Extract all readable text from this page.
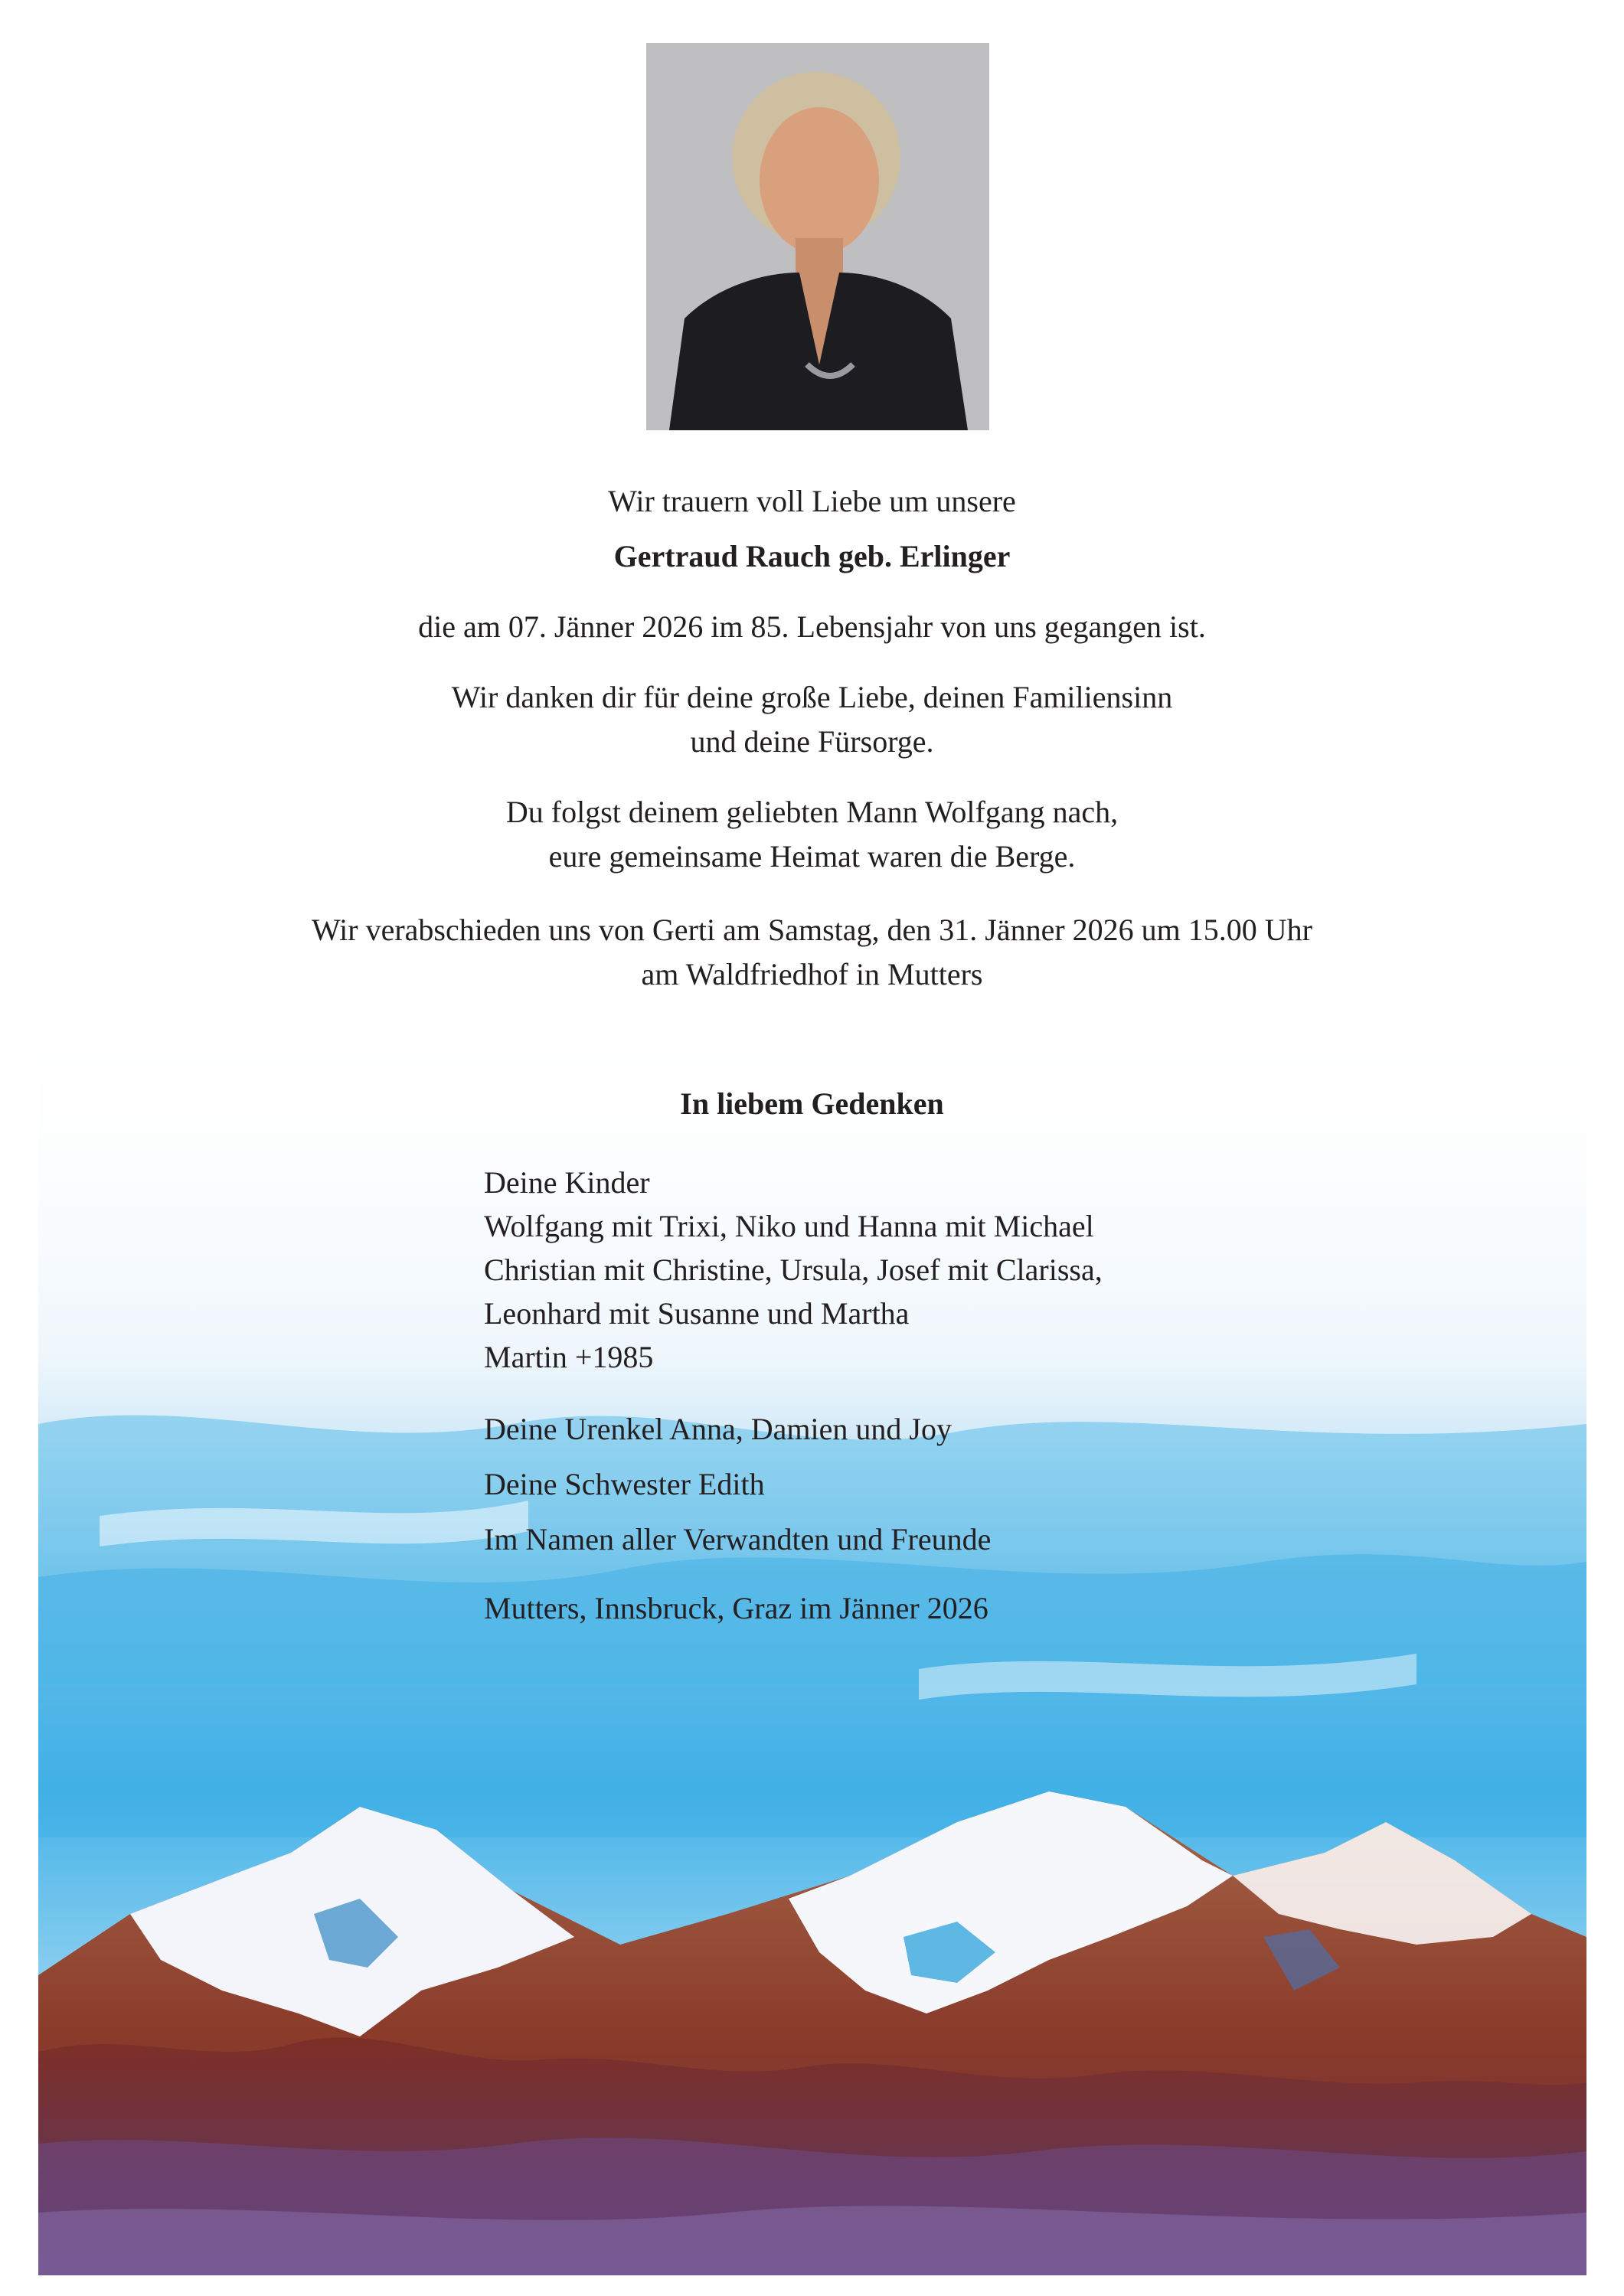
Wir trauern voll Liebe um unsere

Gertraud Rauch geb. Erlinger

die am 07. Jänner 2026 im 85. Lebensjahr von uns gegangen ist.

Wir danken dir für deine große Liebe, deinen Familiensinn

und deine Fürsorge.

Du folgst deinem geliebten Mann Wolfgang nach,

eure gemeinsame Heimat waren die Berge.

Wir verabschieden uns von Gerti am Samstag, den 31. Jänner 2026 um 15.00 Uhr

am Waldfriedhof in Mutters

In liebem Gedenken

Deine Kinder

Wolfgang mit Trixi, Niko und Hanna mit Michael

Christian mit Christine, Ursula, Josef mit Clarissa,

Leonhard mit Susanne und Martha

Martin +1985

Deine Urenkel Anna, Damien und Joy
Deine Schwester Edith
Im Namen aller Verwandten und Freunde
Mutters, Innsbruck, Graz im Jänner 2026
